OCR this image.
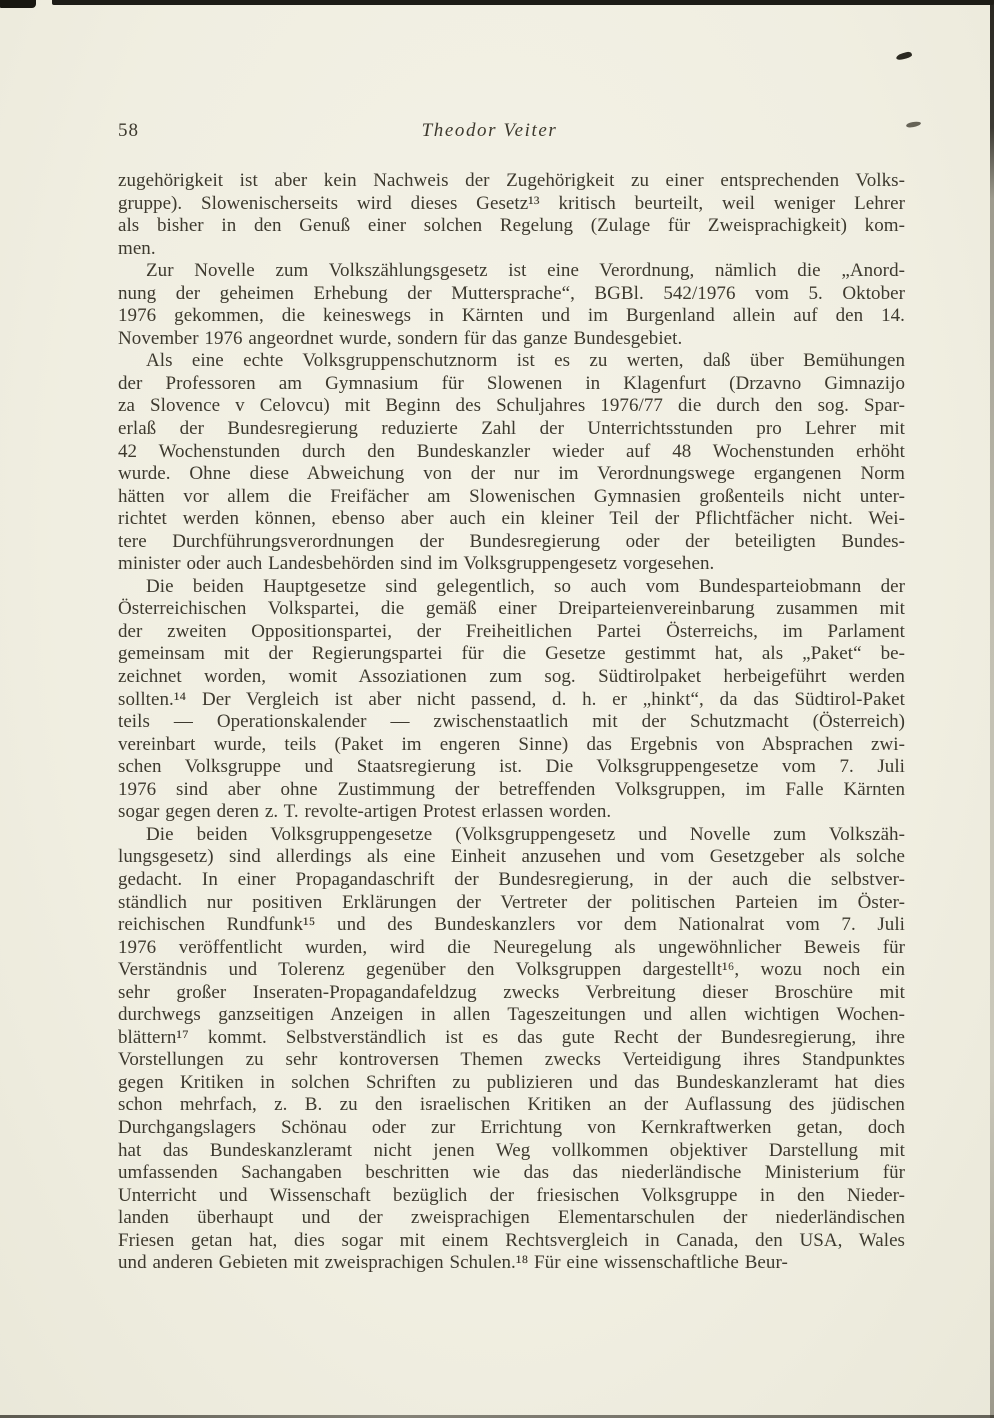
58	Theodor Veiter
zugehörigkeit ist aber kein Nachweis der Zugehörigkeit zu einer entsprechenden Volks-
gruppe). Slowenischerseits wird dieses Gesetz¹³ kritisch beurteilt, weil weniger Lehrer
als bisher in den Genuß einer solchen Regelung (Zulage für Zweisprachigkeit) kom-
men.
Zur Novelle zum Volkszählungsgesetz ist eine Verordnung, nämlich die „Anord-
nung der geheimen Erhebung der Muttersprache“, BGBl. 542/1976 vom 5. Oktober
1976 gekommen, die keineswegs in Kärnten und im Burgenland allein auf den 14.
November 1976 angeordnet wurde, sondern für das ganze Bundesgebiet.
Als eine echte Volksgruppenschutznorm ist es zu werten, daß über Bemühungen
der Professoren am Gymnasium für Slowenen in Klagenfurt (Drzavno Gimnazijo
za Slovence v Celovcu) mit Beginn des Schuljahres 1976/77 die durch den sog. Spar-
erlaß der Bundesregierung reduzierte Zahl der Unterrichtsstunden pro Lehrer mit
42 Wochenstunden durch den Bundeskanzler wieder auf 48 Wochenstunden erhöht
wurde. Ohne diese Abweichung von der nur im Verordnungswege ergangenen Norm
hätten vor allem die Freifächer am Slowenischen Gymnasien großenteils nicht unter-
richtet werden können, ebenso aber auch ein kleiner Teil der Pflichtfächer nicht. Wei-
tere Durchführungsverordnungen der Bundesregierung oder der beteiligten Bundes-
minister oder auch Landesbehörden sind im Volksgruppengesetz vorgesehen.
Die beiden Hauptgesetze sind gelegentlich, so auch vom Bundesparteiobmann der
Österreichischen Volkspartei, die gemäß einer Dreiparteienvereinbarung zusammen mit
der zweiten Oppositionspartei, der Freiheitlichen Partei Österreichs, im Parlament
gemeinsam mit der Regierungspartei für die Gesetze gestimmt hat, als „Paket“ be-
zeichnet worden, womit Assoziationen zum sog. Südtirolpaket herbeigeführt werden
sollten.¹⁴ Der Vergleich ist aber nicht passend, d. h. er „hinkt“, da das Südtirol-Paket
teils — Operationskalender — zwischenstaatlich mit der Schutzmacht (Österreich)
vereinbart wurde, teils (Paket im engeren Sinne) das Ergebnis von Absprachen zwi-
schen Volksgruppe und Staatsregierung ist. Die Volksgruppengesetze vom 7. Juli
1976 sind aber ohne Zustimmung der betreffenden Volksgruppen, im Falle Kärnten
sogar gegen deren z. T. revolte-artigen Protest erlassen worden.
Die beiden Volksgruppengesetze (Volksgruppengesetz und Novelle zum Volkszäh-
lungsgesetz) sind allerdings als eine Einheit anzusehen und vom Gesetzgeber als solche
gedacht. In einer Propagandaschrift der Bundesregierung, in der auch die selbstver-
ständlich nur positiven Erklärungen der Vertreter der politischen Parteien im Öster-
reichischen Rundfunk¹⁵ und des Bundeskanzlers vor dem Nationalrat vom 7. Juli
1976 veröffentlicht wurden, wird die Neuregelung als ungewöhnlicher Beweis für
Verständnis und Tolerenz gegenüber den Volksgruppen dargestellt¹⁶, wozu noch ein
sehr großer Inseraten-Propagandafeldzug zwecks Verbreitung dieser Broschüre mit
durchwegs ganzseitigen Anzeigen in allen Tageszeitungen und allen wichtigen Wochen-
blättern¹⁷ kommt. Selbstverständlich ist es das gute Recht der Bundesregierung, ihre
Vorstellungen zu sehr kontroversen Themen zwecks Verteidigung ihres Standpunktes
gegen Kritiken in solchen Schriften zu publizieren und das Bundeskanzleramt hat dies
schon mehrfach, z. B. zu den israelischen Kritiken an der Auflassung des jüdischen
Durchgangslagers Schönau oder zur Errichtung von Kernkraftwerken getan, doch
hat das Bundeskanzleramt nicht jenen Weg vollkommen objektiver Darstellung mit
umfassenden Sachangaben beschritten wie das das niederländische Ministerium für
Unterricht und Wissenschaft bezüglich der friesischen Volksgruppe in den Nieder-
landen überhaupt und der zweisprachigen Elementarschulen der niederländischen
Friesen getan hat, dies sogar mit einem Rechtsvergleich in Canada, den USA, Wales
und anderen Gebieten mit zweisprachigen Schulen.¹⁸ Für eine wissenschaftliche Beur-
